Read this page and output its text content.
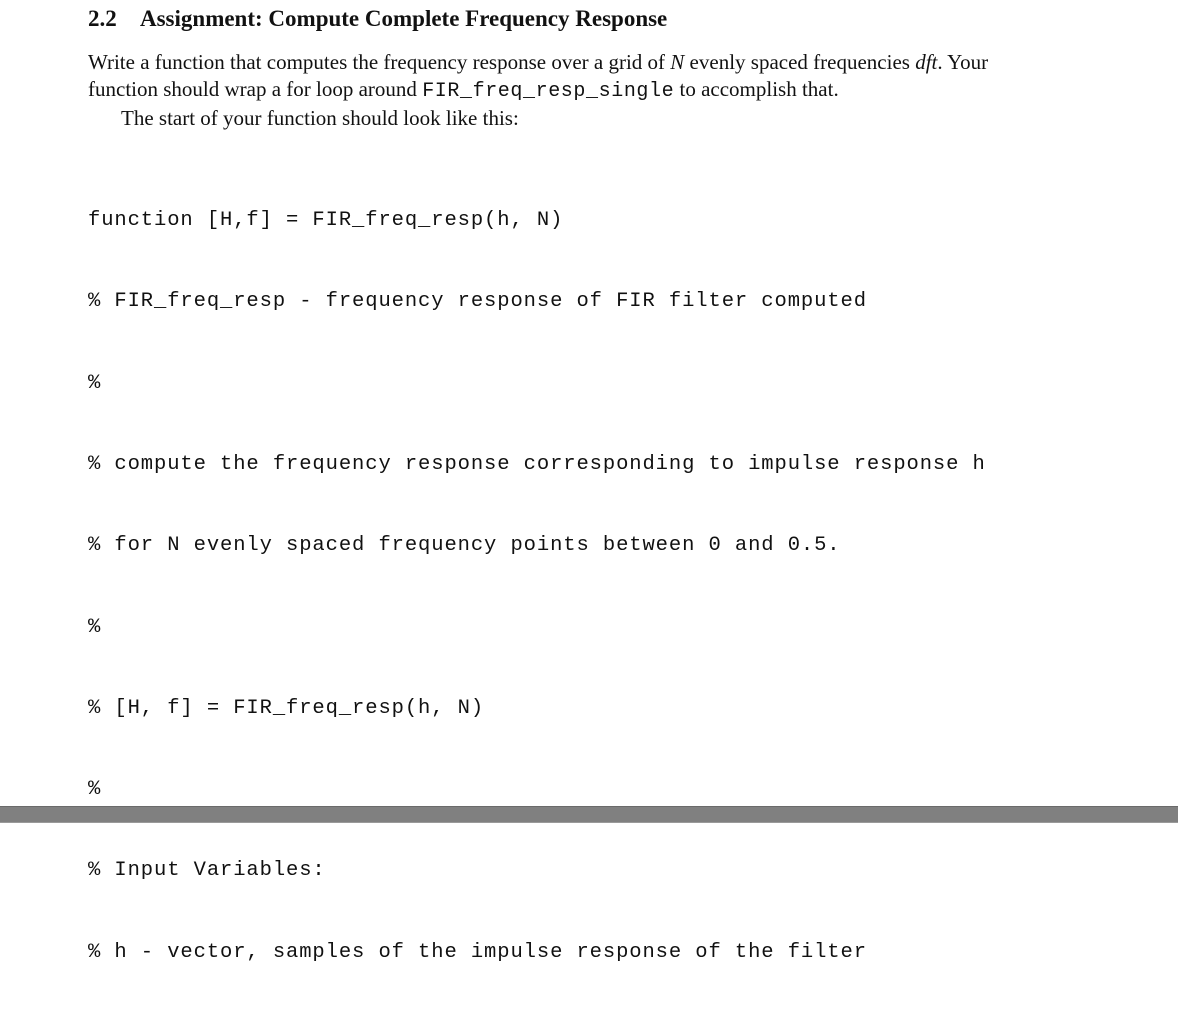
2.2 Assignment: Compute Complete Frequency Response
Write a function that computes the frequency response over a grid of N evenly spaced frequencies dft. Your
function should wrap a for loop around FIR_freq_resp_single to accomplish that.
The start of your function should look like this:

function [H,f] = FIR_freq_resp(h, N)

% FIR_freq_resp - frequency response of FIR filter computed

%

% compute the frequency response corresponding to impulse response h

% for N evenly spaced frequency points between 0 and 0.5.

%

% [H, f] = FIR_freq_resp(h, N)

%

% Input Variables:

% h - vector, samples of the impulse response of the filter
